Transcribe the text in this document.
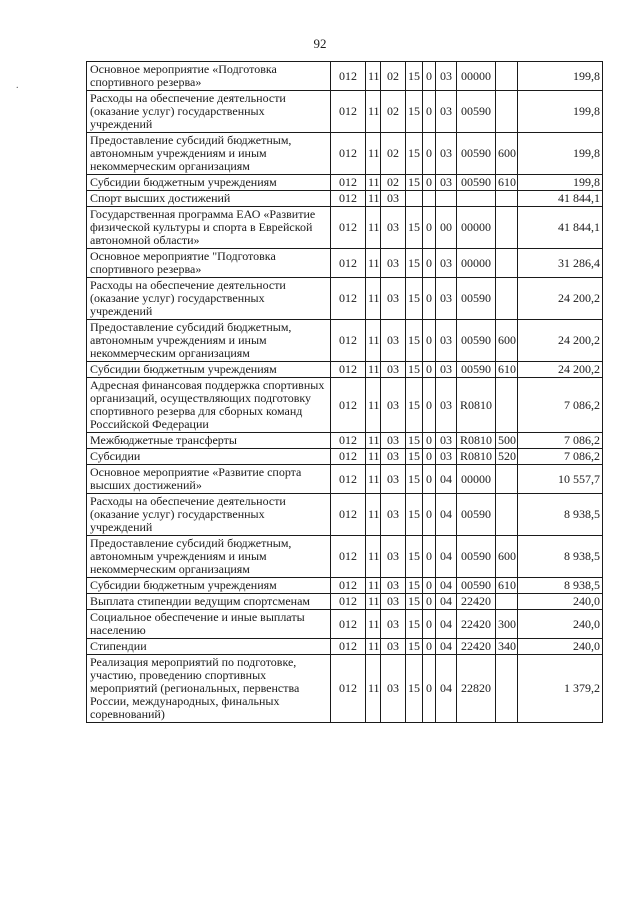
92
.
Основное мероприятие «Подготовка спортивного резерва»	012	11	02	15	0	03	00000		199,8
Расходы на обеспечение деятельности (оказание услуг) государственных учреждений	012	11	02	15	0	03	00590		199,8
Предоставление субсидий бюджетным, автономным учреждениям и иным некоммерческим организациям	012	11	02	15	0	03	00590	600	199,8
Субсидии бюджетным учреждениям	012	11	02	15	0	03	00590	610	199,8
Спорт высших достижений	012	11	03						41 844,1
Государственная программа ЕАО «Развитие физической культуры и спорта в Еврейской автономной области»	012	11	03	15	0	00	00000		41 844,1
Основное мероприятие "Подготовка спортивного резерва»	012	11	03	15	0	03	00000		31 286,4
Расходы на обеспечение деятельности (оказание услуг) государственных учреждений	012	11	03	15	0	03	00590		24 200,2
Предоставление субсидий бюджетным, автономным учреждениям и иным некоммерческим организациям	012	11	03	15	0	03	00590	600	24 200,2
Субсидии бюджетным учреждениям	012	11	03	15	0	03	00590	610	24 200,2
Адресная финансовая поддержка спортивных организаций, осуществляющих подготовку спортивного резерва для сборных команд Российской Федерации	012	11	03	15	0	03	R0810		7 086,2
Межбюджетные трансферты	012	11	03	15	0	03	R0810	500	7 086,2
Субсидии	012	11	03	15	0	03	R0810	520	7 086,2
Основное мероприятие «Развитие спорта высших достижений»	012	11	03	15	0	04	00000		10 557,7
Расходы на обеспечение деятельности (оказание услуг) государственных учреждений	012	11	03	15	0	04	00590		8 938,5
Предоставление субсидий бюджетным, автономным учреждениям и иным некоммерческим организациям	012	11	03	15	0	04	00590	600	8 938,5
Субсидии бюджетным учреждениям	012	11	03	15	0	04	00590	610	8 938,5
Выплата стипендии ведущим спортсменам	012	11	03	15	0	04	22420		240,0
Социальное обеспечение и иные выплаты населению	012	11	03	15	0	04	22420	300	240,0
Стипендии	012	11	03	15	0	04	22420	340	240,0
Реализация мероприятий по подготовке, участию, проведению спортивных мероприятий (региональных, первенства России, международных, финальных соревнований)	012	11	03	15	0	04	22820		1 379,2
